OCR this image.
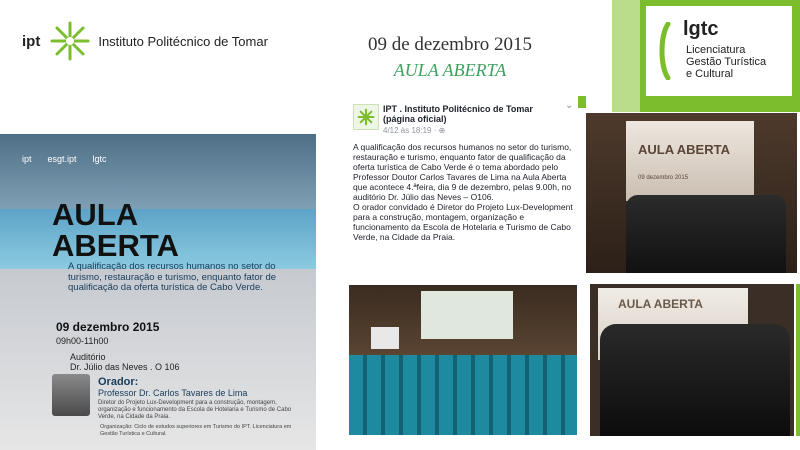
ipt	Instituto Politécnico de Tomar	09 de dezembro 2015
AULA ABERTA
lgtc
Licenciatura
Gestão Turística
e Cultural
ipt esgt.ipt lgtc
AULA
ABERTA
A qualificação dos recursos humanos no setor do turismo, restauração e turismo, enquanto fator de qualificação da oferta turística de Cabo Verde.
09 dezembro 2015
09h00-11h00
Auditório
Dr. Júlio das Neves . O 106
Orador:
Professor Dr. Carlos Tavares de Lima
Diretor do Projeto Lux-Development para a construção, montagem, organização e funcionamento da Escola de Hotelaria e Turismo de Cabo Verde, na Cidade da Praia.
Organização: Ciclo de estudos superiores em Turismo do IPT. Licenciatura em Gestão Turística e Cultural.
IPT . Instituto Politécnico de Tomar (página oficial)
4/12 às 18:19 · ⊕
⌄
A qualificação dos recursos humanos no setor do turismo, restauração e turismo, enquanto fator de qualificação da oferta turística de Cabo Verde é o tema abordado pelo Professor Doutor Carlos Tavares de Lima na Aula Aberta que acontece 4.ªfeira, dia 9 de dezembro, pelas 9.00h, no auditório Dr. Júlio das Neves – O106.
O orador convidado é Diretor do Projeto Lux-Development para a construção, montagem, organização e funcionamento da Escola de Hotelaria e Turismo de Cabo Verde, na Cidade da Praia.
AULA ABERTA
09 dezembro 2015
AULA ABERTA
